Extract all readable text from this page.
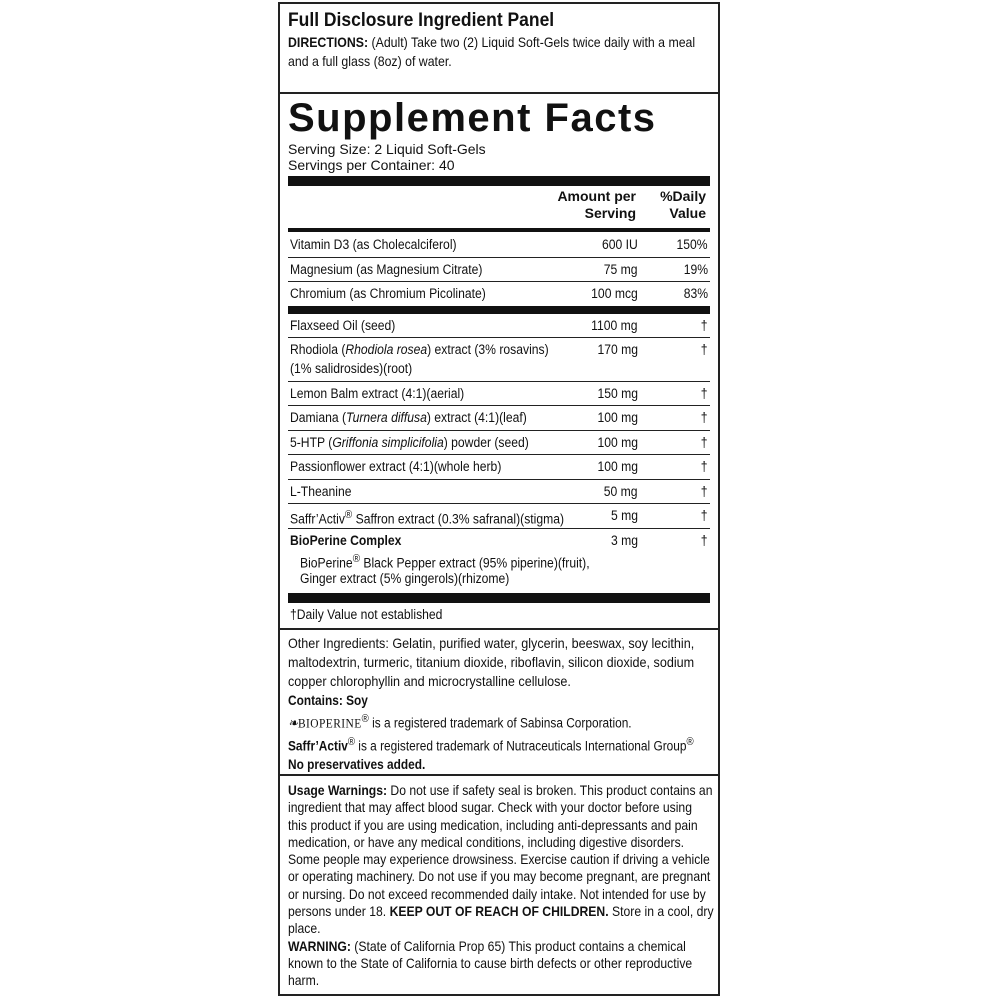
Full Disclosure Ingredient Panel
DIRECTIONS: (Adult) Take two (2) Liquid Soft-Gels twice daily with a meal and a full glass (8oz) of water.
Supplement Facts
Serving Size: 2 Liquid Soft-Gels
Servings per Container: 40
Amount per
Serving
%Daily
Value
Vitamin D3 (as Cholecalciferol)	600 IU	150%
Magnesium (as Magnesium Citrate)	75 mg	19%
Chromium (as Chromium Picolinate)	100 mcg	83%
Flaxseed Oil (seed)	1100 mg	†
Rhodiola (Rhodiola rosea) extract (3% rosavins)
(1% salidrosides)(root)
170 mg	†
Lemon Balm extract (4:1)(aerial)	150 mg	†
Damiana (Turnera diffusa) extract (4:1)(leaf)	100 mg	†
5-HTP (Griffonia simplicifolia) powder (seed)	100 mg	†
Passionflower extract (4:1)(whole herb)	100 mg	†
L-Theanine	50 mg	†
Saffr’Activ® Saffron extract (0.3% safranal)(stigma)	5 mg	†
BioPerine Complex	3 mg	†
BioPerine® Black Pepper extract (95% piperine)(fruit),
Ginger extract (5% gingerols)(rhizome)
†Daily Value not established
Other Ingredients: Gelatin, purified water, glycerin, beeswax, soy lecithin, maltodextrin, turmeric, titanium dioxide, riboflavin, silicon dioxide, sodium copper chlorophyllin and microcrystalline cellulose.
Contains: Soy
❧BIOPERINE® is a registered trademark of Sabinsa Corporation.
Saffr’Activ® is a registered trademark of Nutraceuticals International Group®
No preservatives added.
Usage Warnings: Do not use if safety seal is broken. This product contains an ingredient that may affect blood sugar. Check with your doctor before using this product if you are using medication, including anti-depressants and pain medication, or have any medical conditions, including digestive disorders. Some people may experience drowsiness. Exercise caution if driving a vehicle or operating machinery. Do not use if you may become pregnant, are pregnant or nursing. Do not exceed recommended daily intake. Not intended for use by persons under 18. KEEP OUT OF REACH OF CHILDREN. Store in a cool, dry place.
WARNING: (State of California Prop 65) This product contains a chemical known to the State of California to cause birth defects or other reproductive harm.
